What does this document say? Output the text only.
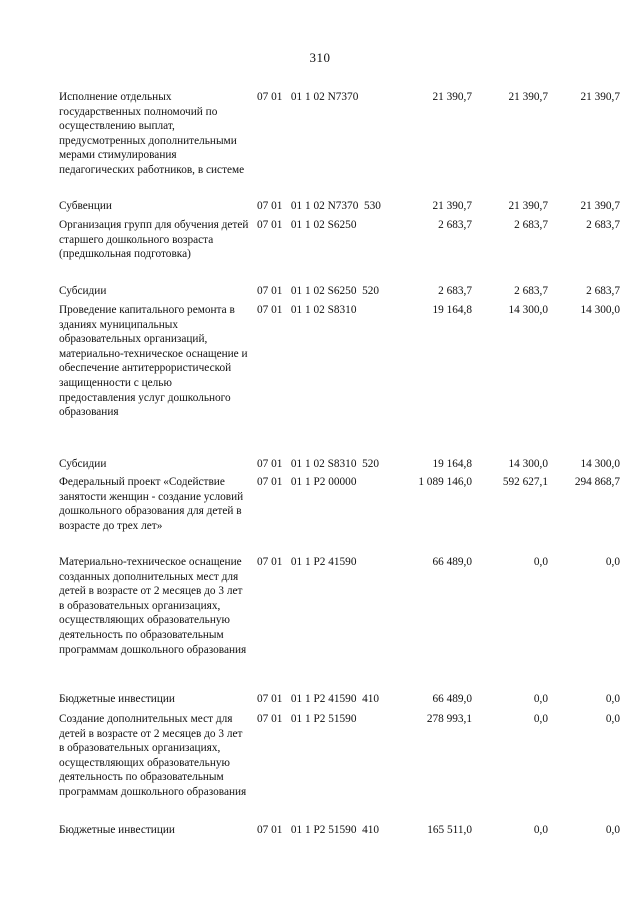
310
Исполнение отдельных государственных полномочий по осуществлению выплат, предусмотренных дополнительными мерами стимулирования педагогических работников, в системе
07 01   01 1 02 N7370	21 390,7	21 390,7	21 390,7
Субвенции	07 01   01 1 02 N7370  530	21 390,7	21 390,7	21 390,7
Организация групп для обучения детей старшего дошкольного возраста (предшкольная подготовка)
07 01   01 1 02 S6250	2 683,7	2 683,7	2 683,7
Субсидии	07 01   01 1 02 S6250  520	2 683,7	2 683,7	2 683,7
Проведение капитального ремонта в зданиях муниципальных образовательных организаций, материально-техническое оснащение и обеспечение антитеррористической защищенности с целью предоставления услуг дошкольного образования
07 01   01 1 02 S8310	19 164,8	14 300,0	14 300,0
Субсидии	07 01   01 1 02 S8310  520	19 164,8	14 300,0	14 300,0
Федеральный проект «Содействие занятости женщин - создание условий дошкольного образования для детей в возрасте до трех лет»
07 01   01 1 P2 00000	1 089 146,0	592 627,1 294 868,7
Материально-техническое оснащение созданных дополнительных мест для детей в возрасте от 2 месяцев до 3 лет в образовательных организациях, осуществляющих образовательную деятельность по образовательным программам дошкольного образования
07 01   01 1 P2 41590	66 489,0	0,0	0,0
Бюджетные инвестиции	07 01   01 1 P2 41590  410	66 489,0	0,0	0,0
Создание дополнительных мест для детей в возрасте от 2 месяцев до 3 лет в образовательных организациях, осуществляющих образовательную деятельность по образовательным программам дошкольного образования
07 01   01 1 P2 51590	278 993,1	0,0	0,0
Бюджетные инвестиции	07 01   01 1 P2 51590  410	165 511,0	0,0	0,0
